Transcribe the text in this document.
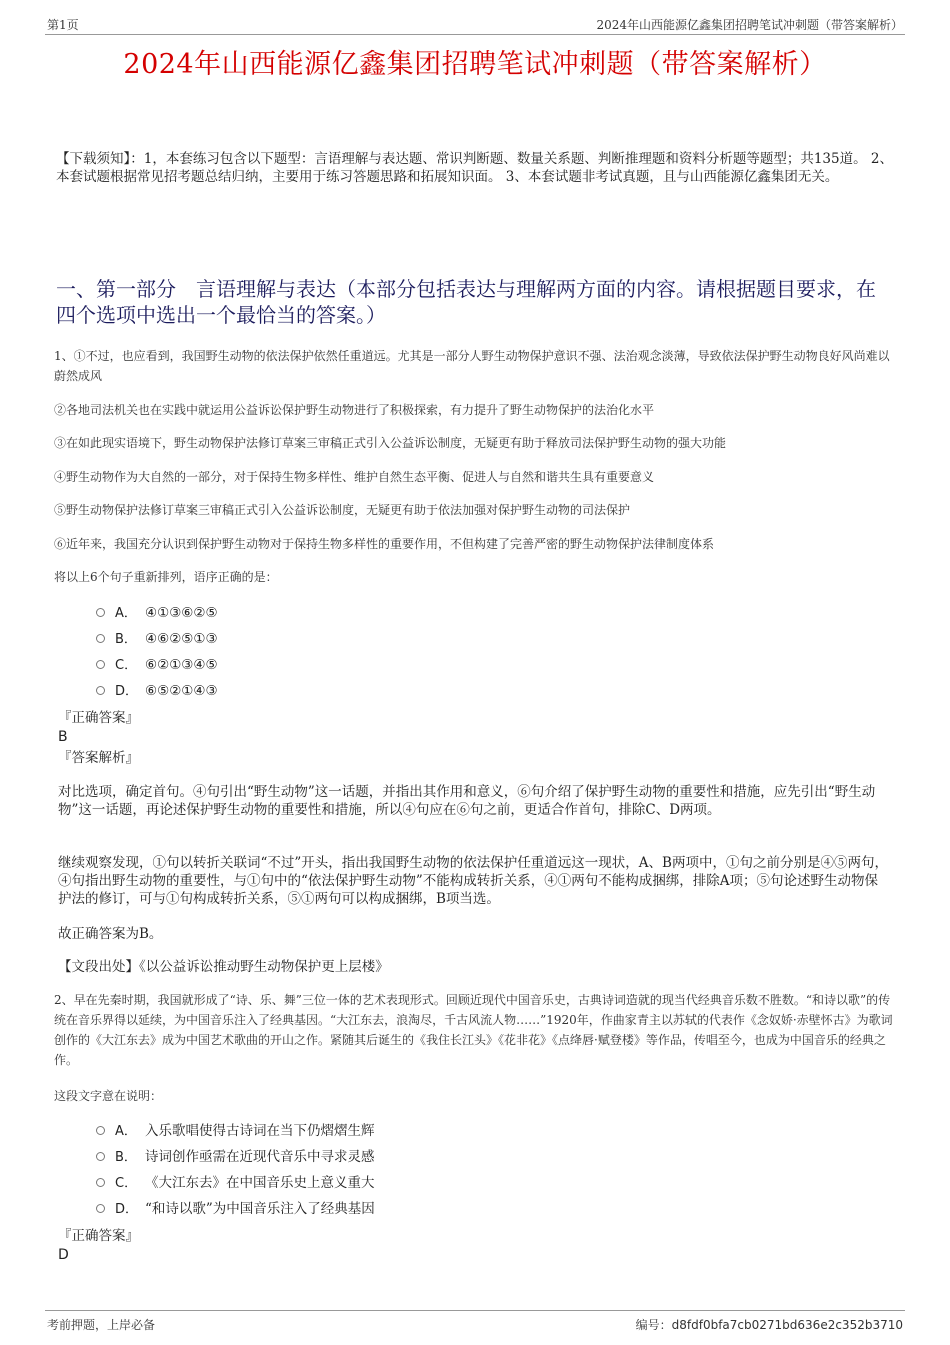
第1页	2024年山西能源亿鑫集团招聘笔试冲刺题（带答案解析）
2024年山西能源亿鑫集团招聘笔试冲刺题（带答案解析）
【下载须知】：1，本套练习包含以下题型：言语理解与表达题、常识判断题、数量关系题、判断推理题和资料分析题等题型；共135道。 2、本套试题根据常见招考题总结归纳，主要用于练习答题思路和拓展知识面。 3、本套试题非考试真题，且与山西能源亿鑫集团无关。
一、第一部分　言语理解与表达（本部分包括表达与理解两方面的内容。请根据题目要求，在四个选项中选出一个最恰当的答案。）
1、①不过，也应看到，我国野生动物的依法保护依然任重道远。尤其是一部分人野生动物保护意识不强、法治观念淡薄，导致依法保护野生动物良好风尚难以蔚然成风
②各地司法机关也在实践中就运用公益诉讼保护野生动物进行了积极探索，有力提升了野生动物保护的法治化水平
③在如此现实语境下，野生动物保护法修订草案三审稿正式引入公益诉讼制度，无疑更有助于释放司法保护野生动物的强大功能
④野生动物作为大自然的一部分，对于保持生物多样性、维护自然生态平衡、促进人与自然和谐共生具有重要意义
⑤野生动物保护法修订草案三审稿正式引入公益诉讼制度，无疑更有助于依法加强对保护野生动物的司法保护
⑥近年来，我国充分认识到保护野生动物对于保持生物多样性的重要作用，不但构建了完善严密的野生动物保护法律制度体系
将以上6个句子重新排列，语序正确的是：
A． ④①③⑥②⑤
B． ④⑥②⑤①③
C． ⑥②①③④⑤
D． ⑥⑤②①④③
『正确答案』
B
『答案解析』
对比选项，确定首句。④句引出“野生动物”这一话题，并指出其作用和意义，⑥句介绍了保护野生动物的重要性和措施，应先引出“野生动物”这一话题，再论述保护野生动物的重要性和措施，所以④句应在⑥句之前，更适合作首句，排除C、D两项。
继续观察发现，①句以转折关联词“不过”开头，指出我国野生动物的依法保护任重道远这一现状，A、B两项中，①句之前分别是④⑤两句，④句指出野生动物的重要性，与①句中的“依法保护野生动物”不能构成转折关系，④①两句不能构成捆绑，排除A项；⑤句论述野生动物保护法的修订，可与①句构成转折关系，⑤①两句可以构成捆绑，B项当选。
故正确答案为B。
【文段出处】《以公益诉讼推动野生动物保护更上层楼》
2、早在先秦时期，我国就形成了“诗、乐、舞”三位一体的艺术表现形式。回顾近现代中国音乐史，古典诗词造就的现当代经典音乐数不胜数。“和诗以歌”的传统在音乐界得以延续，为中国音乐注入了经典基因。“大江东去，浪淘尽，千古风流人物……”1920年，作曲家青主以苏轼的代表作《念奴娇·赤壁怀古》为歌词创作的《大江东去》成为中国艺术歌曲的开山之作。紧随其后诞生的《我住长江头》《花非花》《点绛唇·赋登楼》等作品，传唱至今，也成为中国音乐的经典之作。
这段文字意在说明：
A． 入乐歌唱使得古诗词在当下仍熠熠生辉
B． 诗词创作亟需在近现代音乐中寻求灵感
C． 《大江东去》在中国音乐史上意义重大
D． “和诗以歌”为中国音乐注入了经典基因
『正确答案』
D
考前押题，上岸必备	编号：d8fdf0bfa7cb0271bd636e2c352b3710
